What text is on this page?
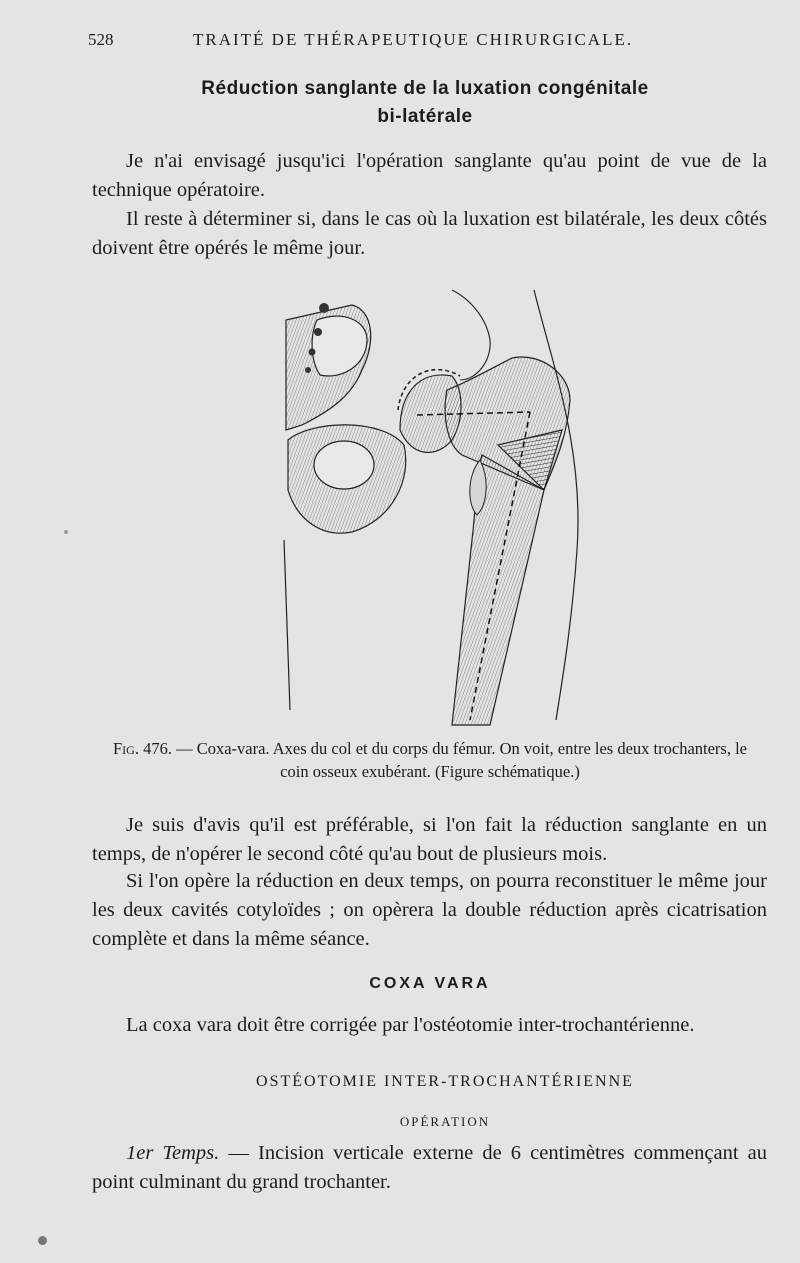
528	TRAITÉ DE THÉRAPEUTIQUE CHIRURGICALE.
Réduction sanglante de la luxation congénitale
bi-latérale

Je n'ai envisagé jusqu'ici l'opération sanglante qu'au point de vue de la technique opératoire.

Il reste à déterminer si, dans le cas où la luxation est bilatérale, les deux côtés doivent être opérés le même jour.

Fig. 476. — Coxa-vara. Axes du col et du corps du fémur. On voit, entre les deux trochanters, le coin osseux exubérant. (Figure schématique.)

Je suis d'avis qu'il est préférable, si l'on fait la réduction sanglante en un temps, de n'opérer le second côté qu'au bout de plusieurs mois.

Si l'on opère la réduction en deux temps, on pourra reconstituer le même jour les deux cavités cotyloïdes ; on opèrera la double réduction après cicatrisation complète et dans la même séance.

COXA VARA

La coxa vara doit être corrigée par l'ostéotomie inter-trochantérienne.

OSTÉOTOMIE INTER-TROCHANTÉRIENNE
OPÉRATION

1er Temps. — Incision verticale externe de 6 centimètres commençant au point culminant du grand trochanter.
